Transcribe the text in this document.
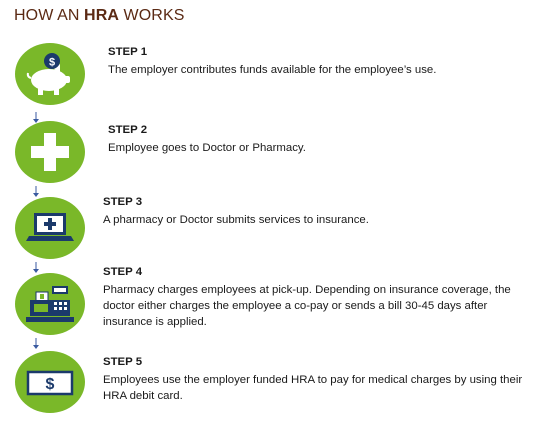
HOW AN HRA WORKS
$
$
STEP 1
The employer contributes funds available for the employee’s use.
STEP 2
Employee goes to Doctor or Pharmacy.
STEP 3
A pharmacy or Doctor submits services to insurance.
STEP 4
Pharmacy charges employees at pick-up. Depending on insurance coverage, the doctor either charges the employee a co-pay or sends a bill 30-45 days after insurance is applied.
STEP 5
Employees use the employer funded HRA to pay for medical charges by using their HRA debit card.
